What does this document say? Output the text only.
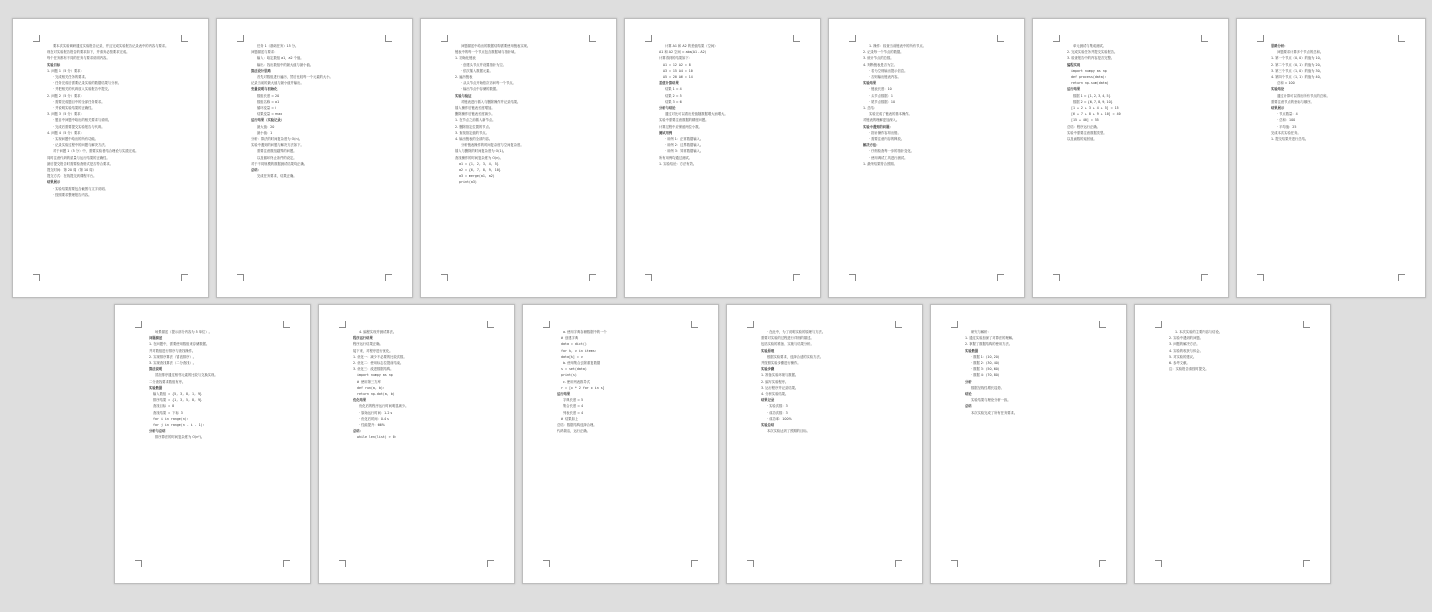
要本次实验调研通过实验报告记录，并且完成实验报告记录表中的内容与要求。
现在对实验报告报告的要求如下，并请务必按要求完成。
每个任务都有不同的任务与要求说明内容。
实验目标
1. 问题 1（5 分）要求：
· 完成相关任务的要求。
· 任务完成后需要记录实验的数据结果与分析。
· 并把相关的代码放入实验报告中提交。
2. 问题 2（5 分）要求：
· 需要完成题目中的全部任务要求。
· 并说明实验结果的正确性。
3. 问题 3（5 分）要求：
· 题目中问题中给出的相关要求与说明。
· 完成后需要提交实验报告与代码。
4. 问题 4（5 分）要求：
· 实现问题中给出的所有功能。
· 记录实验过程中的问题与解决方法。
对于问题 1（5 分）中，需要实验者结合理论与实践完成。
同时注意代码的质量与运行结果的正确性。
最后提交报告时需要检查格式是否符合要求。
提交时间：第 20 周（第 10 周）
提交方式：在线提交到课程平台。
结果展示
· 实验结果需要包含截图与文字说明。
· 按照要求整理报告内容。
任务 1（基础任务）15 分。
问题描述与要求：
输入：给定数组 a1，a2 个值。
输出：找出数组中的最大值与最小值。
算法设计思路
首先对数组进行遍历，然后比较每一个元素的大小。
记录当前的最大值与最小值并输出。
变量说明与初始化
数组长度 = 20
数组名称 = a1
循环变量 = i
结果变量 = max
运行结果（实验记录）
最大值：20
最小值：1
分析：算法的时间复杂度为 O(n)。
实验中遇到的问题与解决方法如下。
需要注意数组越界的问题。
以及循环终止条件的设定。
对于不同规模的数据测试结果均正确。
总结：
完成任务要求，结果正确。
问题描述中给出的数据结构需要使用链表实现。
链表中的每一个节点包含数据域与指针域。
1. 初始化链表
· 创建头节点并设置指针为空。
· 依次插入数据元素。
2. 遍历链表
· 从头节点开始依次访问每一个节点。
· 输出节点中存储的数据。
实验与验证
对链表进行插入与删除操作并记录结果。
插入操作后链表长度增加。
删除操作后链表长度减少。
1. 在节点之前插入新节点。
2. 删除指定位置的节点。
3. 查找指定值的节点。
4. 输出链表的全部内容。
分析链表操作的时间复杂度与空间复杂度。
插入与删除的时间复杂度为 O(1)。
查找操作的时间复杂度为 O(n)。
a1 = {1, 2, 3, 4, 5}
a2 = {6, 7, 8, 9, 10}
a3 = merge(a1, a2)
print(a3)
计算 A1 和 A2 的差值结果（空间）
A1 和 A2 空间 = abs(A1 - A2)
计算得到的结果如下：
A1 = 12 A2 = 8
A3 = 15 A4 = 10
A5 = 20 A6 = 14
差值计算结果
结果 1 = 4
结果 2 = 5
结果 3 = 6
分析与结论
通过对比可以看出差值随数据增大而增大。
实验中需要注意数据的精度问题。
计算过程中应保留两位小数。
测试用例
· 用例 1：正常数据输入。
· 用例 2：边界数据输入。
· 用例 3：异常数据输入。
所有用例均通过测试。
1. 实验结论：方法有效。
1. 操作：检查当前链表中的所有节点。
2. 记录每一个节点的数据。
3. 统计节点的总数。
4. 判断链表是否为空。
· 若为空则输出提示信息。
· 否则输出链表内容。
实验结果
· 链表长度：10
· 头节点数据：1
· 尾节点数据：10
1. 总结：
实验完成了链表的基本操作。
对链表的理解更加深入。
实验中遇到的问题：
· 指针操作容易出错。
· 需要注意内存的释放。
解决方法：
· 仔细检查每一步的指针变化。
· 使用调试工具进行测试。
1. 最终结果符合预期。
单元测试与集成测试。
2. 完成实验任务并提交实验报告。
3. 检查报告中的内容是否完整。
编程实现
import numpy as np
def process(data):
return np.sum(data)
运行结果
数据 1 = {1, 2, 3, 4, 5}
数据 2 = {6, 7, 8, 9, 10}
[1 + 2 + 3 + 4 + 5] = 15
[6 + 7 + 8 + 9 + 10] = 40
[15 + 40] = 55
总结：程序运行正确。
实验中需要注意数据类型。
以及函数的返回值。
思路分析：
问题要求计算多个节点的总和。
1. 第一个节点（0, 0）的值为 10。
2. 第二个节点（0, 1）的值为 20。
3. 第三个节点（1, 0）的值为 30。
4. 第四个节点（1, 1）的值为 40。
总和 = 100
实验结论
通过计算可以得出所有节点的总和。
需要注意节点的坐标与顺序。
结果展示
· 节点数量：4
· 总和：100
· 平均值：25
完成本次实验任务。
1. 提交结果并进行总结。
场景描述（提示部分内容为 5 单位）。
问题描述
1. 在问题中，需要使用数组来存储数据。
并对数组进行排序与查找操作。
2. 实现排序算法（冒泡排序）。
3. 实现查找算法（二分查找）。
算法说明
冒泡排序通过相邻元素的比较与交换实现。
二分查找要求数组有序。
实验数据
输入数组 = {5, 3, 8, 1, 9}
排序结果 = {1, 3, 5, 8, 9}
查找目标 = 8
查找结果 = 下标 3
for i in range(n):
for j in range(n - i - 1):
分析与总结
排序算法的时间复杂度为 O(n²)。
4. 编程实现并测试算法。
程序运行结果
程序运行结果正确。
接下来，对程序进行优化。
1. 优化一：减少不必要的比较次数。
2. 优化二：使用标志位提前结束。
3. 优化三：改进数据结构。
import numpy as np
# 使用第三方库
def run(a, b):
return np.dot(a, b)
优化结果
优化后的程序运行时间明显减少。
· 原始运行时间：1.2 s
· 优化后时间：0.4 s
· 性能提升：66%
总结：
while len(list) > 0:
a. 使用字典存储数据中的一个
# 创建字典
data = dict()
for k, v in items:
data[k] = v
b. 使用集合去除重复数据
s = set(data)
print(s)
c. 使用列表推导式
r = [x * 2 for x in s]
运行结果
字典长度 = 5
集合长度 = 4
列表长度 = 4
# 结果如上
总结：数据结构选择合理。
代码简洁，运行正确。
· 在此中，为了说明实验的原理与方法。
需要对实验的过程进行详细的描述。
包括实验的准备、实施与结果分析。
实验原理
根据实验要求，选择合适的实验方法。
并按照实验步骤进行操作。
实验步骤
1. 准备实验环境与数据。
2. 编写实验程序。
3. 运行程序并记录结果。
4. 分析实验结果。
结果记录
· 实验次数：3
· 成功次数：3
· 成功率：100%
实验总结
本次实验达到了预期的目标。
研究与解析：
1. 通过实验加深了对算法的理解。
2. 掌握了数据结构的使用方法。
实验数据
· 数据 1：(10, 20)
· 数据 2：(30, 40)
· 数据 3：(50, 60)
· 数据 4：(70, 80)
分析
数据呈线性增长趋势。
结论
实验结果与理论分析一致。
总结
本次实验完成了所有任务要求。
1. 本次实验的主要内容与结论。
2. 实验中遇到的问题。
3. 问题的解决方法。
4. 实验的收获与体会。
5. 对实验的建议。
6. 参考文献。
注：实验报告请按时提交。
